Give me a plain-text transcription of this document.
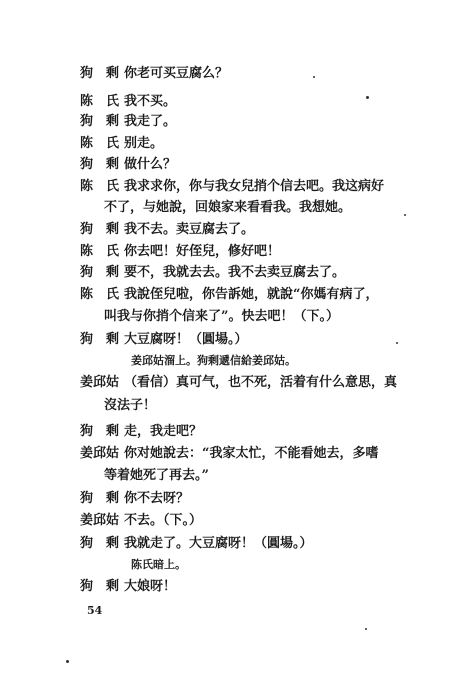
狗　剩 你老可买豆腐么？
陈　氏 我不买。
狗　剩 我走了。
陈　氏 别走。
狗　剩 做什么？
陈　氏 我求求你，你与我女兒捎个信去吧。我这病好
不了，与她說，回娘家来看看我。我想她。
狗　剩 我不去。卖豆腐去了。
陈　氏 你去吧！好侄兒，修好吧！
狗　剩 要不，我就去去。我不去卖豆腐去了。
陈　氏 我說侄兒啦，你告訴她，就說“你媽有病了，
叫我与你捎个信来了”。快去吧！（下。）
狗　剩 大豆腐呀！（圓場。）
姜邱姑溜上。狗剩遞信給姜邱姑。
姜邱姑 （看信）真可气，也不死，活着有什么意思，真
沒法子！
狗　剩 走，我走吧？
姜邱姑 你对她說去：“我家太忙，不能看她去，多嗜
等着她死了再去。”
狗　剩 你不去呀？
姜邱姑 不去。（下。）
狗　剩 我就走了。大豆腐呀！（圓場。）
陈氏暗上。
狗　剩 大娘呀！
54
